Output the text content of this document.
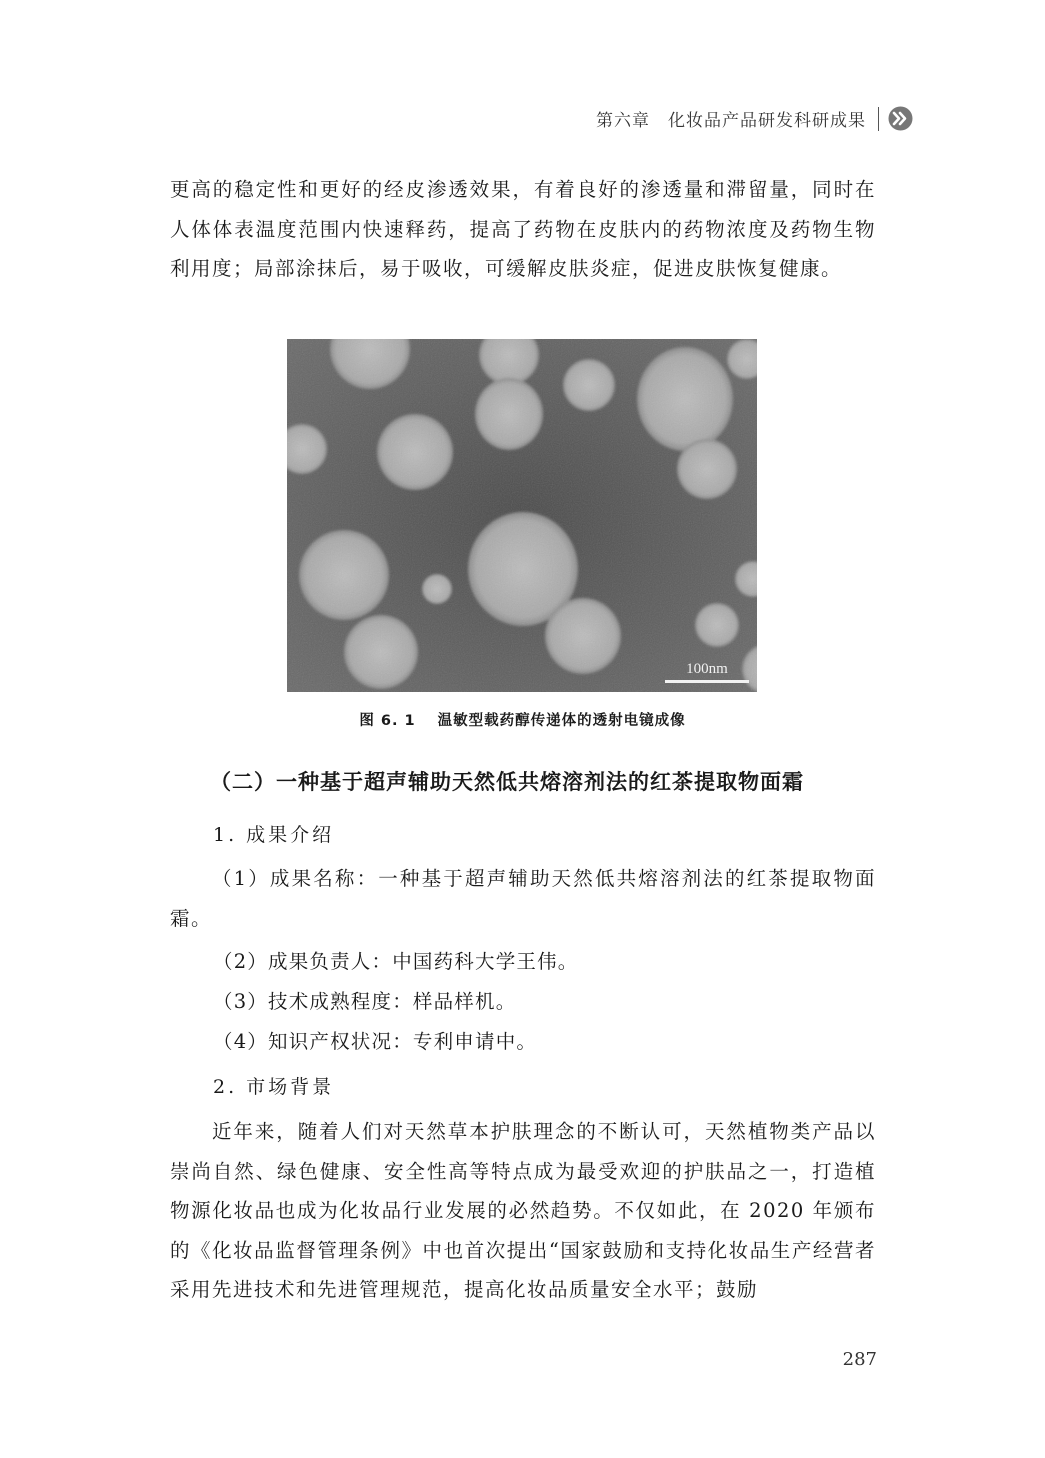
第六章 化妆品产品研发科研成果

更高的稳定性和更好的经皮渗透效果，有着良好的渗透量和滞留量，同时在人体体表温度范围内快速释药，提高了药物在皮肤内的药物浓度及药物生物利用度；局部涂抹后，易于吸收，可缓解皮肤炎症，促进皮肤恢复健康。

100nm
图 6. 1 温敏型载药醇传递体的透射电镜成像
（二）一种基于超声辅助天然低共熔溶剂法的红茶提取物面霜
1. 成果介绍

（1）成果名称：一种基于超声辅助天然低共熔溶剂法的红茶提取物面霜。

（2）成果负责人：中国药科大学王伟。
（3）技术成熟程度：样品样机。
（4）知识产权状况：专利申请中。
2. 市场背景

近年来，随着人们对天然草本护肤理念的不断认可，天然植物类产品以崇尚自然、绿色健康、安全性高等特点成为最受欢迎的护肤品之一，打造植物源化妆品也成为化妆品行业发展的必然趋势。不仅如此，在 2020 年颁布的《化妆品监督管理条例》中也首次提出“国家鼓励和支持化妆品生产经营者采用先进技术和先进管理规范，提高化妆品质量安全水平；鼓励

287
